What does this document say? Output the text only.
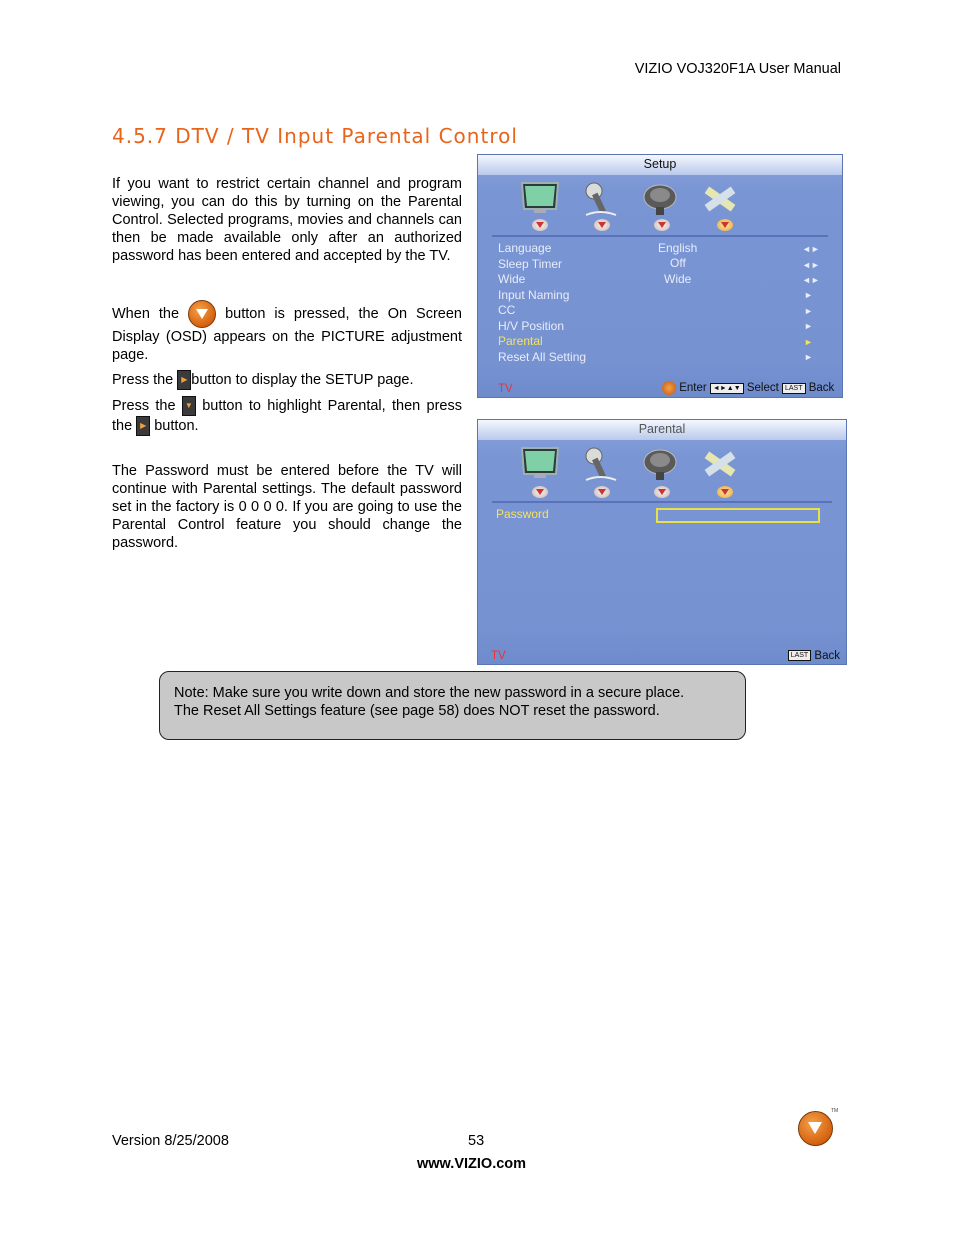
VIZIO VOJ320F1A User Manual
4.5.7 DTV / TV Input Parental Control
If you want to restrict certain channel and program viewing, you can do this by turning on the Parental Control. Selected programs, movies and channels can then be made available only after an authorized password has been entered and accepted by the TV.
When the	button is pressed, the On Screen Display (OSD) appears on the PICTURE adjustment page.
Press the ▶ button to display the SETUP page.
Press the ▼ button to highlight Parental, then press the ▶ button.
The Password must be entered before the TV will continue with Parental settings. The default password set in the factory is 0 0 0 0. If you are going to use the Parental Control feature you should change the password.
Setup
Language	English	◄►
Sleep Timer	Off	◄►
Wide	Wide	◄►
Input Naming	►
CC	►
H/V Position	►
Parental	►
Reset All Setting	►
TV	Enter ◄►▲▼ Select LAST Back
Parental
Password
TV	LAST Back
Note: Make sure you write down and store the new password in a secure place.
The Reset All Settings feature (see page 58) does NOT reset the password.
Version 8/25/2008	53
www.VIZIO.com
TM
